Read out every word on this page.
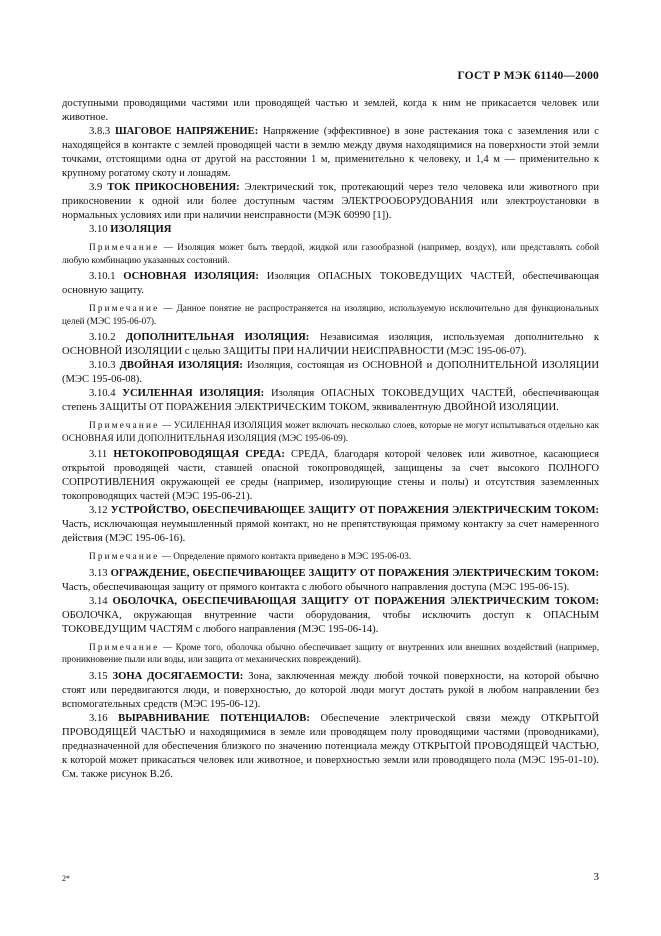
ГОСТ Р МЭК 61140—2000

доступными проводящими частями или проводящей частью и землей, когда к ним не прикасается человек или животное.

3.8.3 ШАГОВОЕ НАПРЯЖЕНИЕ: Напряжение (эффективное) в зоне растекания тока с заземления или с находящейся в контакте с землей проводящей части в землю между двумя находящимися на поверхности этой земли точками, отстоящими одна от другой на расстоянии 1 м, применительно к человеку, и 1,4 м — применительно к крупному рогатому скоту и лошадям.

3.9 ТОК ПРИКОСНОВЕНИЯ: Электрический ток, протекающий через тело человека или животного при прикосновении к одной или более доступным частям ЭЛЕКТРООБОРУДОВАНИЯ или электроустановки в нормальных условиях или при наличии неисправности (МЭК 60990 [1]).

3.10 ИЗОЛЯЦИЯ

Примечание — Изоляция может быть твердой, жидкой или газообразной (например, воздух), или представлять собой любую комбинацию указанных состояний.

3.10.1 ОСНОВНАЯ ИЗОЛЯЦИЯ: Изоляция ОПАСНЫХ ТОКОВЕДУЩИХ ЧАСТЕЙ, обеспечивающая основную защиту.

Примечание — Данное понятие не распространяется на изоляцию, используемую исключительно для функциональных целей (МЭС 195-06-07).

3.10.2 ДОПОЛНИТЕЛЬНАЯ ИЗОЛЯЦИЯ: Независимая изоляция, используемая дополнительно к ОСНОВНОЙ ИЗОЛЯЦИИ с целью ЗАЩИТЫ ПРИ НАЛИЧИИ НЕИСПРАВНОСТИ (МЭС 195-06-07).

3.10.3 ДВОЙНАЯ ИЗОЛЯЦИЯ: Изоляция, состоящая из ОСНОВНОЙ и ДОПОЛНИТЕЛЬНОЙ ИЗОЛЯЦИИ (МЭС 195-06-08).

3.10.4 УСИЛЕННАЯ ИЗОЛЯЦИЯ: Изоляция ОПАСНЫХ ТОКОВЕДУЩИХ ЧАСТЕЙ, обеспечивающая степень ЗАЩИТЫ ОТ ПОРАЖЕНИЯ ЭЛЕКТРИЧЕСКИМ ТОКОМ, эквивалентную ДВОЙНОЙ ИЗОЛЯЦИИ.

Примечание — УСИЛЕННАЯ ИЗОЛЯЦИЯ может включать несколько слоев, которые не могут испытываться отдельно как ОСНОВНАЯ ИЛИ ДОПОЛНИТЕЛЬНАЯ ИЗОЛЯЦИЯ (МЭС 195-06-09).

3.11 НЕТОКОПРОВОДЯЩАЯ СРЕДА: СРЕДА, благодаря которой человек или животное, касающиеся открытой проводящей части, ставшей опасной токопроводящей, защищены за счет высокого ПОЛНОГО СОПРОТИВЛЕНИЯ окружающей ее среды (например, изолирующие стены и полы) и отсутствия заземленных токопроводящих частей (МЭС 195-06-21).

3.12 УСТРОЙСТВО, ОБЕСПЕЧИВАЮЩЕЕ ЗАЩИТУ ОТ ПОРАЖЕНИЯ ЭЛЕКТРИЧЕСКИМ ТОКОМ: Часть, исключающая неумышленный прямой контакт, но не препятствующая прямому контакту за счет намеренного действия (МЭС 195-06-16).

Примечание — Определение прямого контакта приведено в МЭС 195-06-03.

3.13 ОГРАЖДЕНИЕ, ОБЕСПЕЧИВАЮЩЕЕ ЗАЩИТУ ОТ ПОРАЖЕНИЯ ЭЛЕКТРИЧЕСКИМ ТОКОМ: Часть, обеспечивающая защиту от прямого контакта с любого обычного направления доступа (МЭС 195-06-15).

3.14 ОБОЛОЧКА, ОБЕСПЕЧИВАЮЩАЯ ЗАЩИТУ ОТ ПОРАЖЕНИЯ ЭЛЕКТРИЧЕСКИМ ТОКОМ: ОБОЛОЧКА, окружающая внутренние части оборудования, чтобы исключить доступ к ОПАСНЫМ ТОКОВЕДУЩИМ ЧАСТЯМ с любого направления (МЭС 195-06-14).

Примечание — Кроме того, оболочка обычно обеспечивает защиту от внутренних или внешних воздействий (например, проникновение пыли или воды, или защита от механических повреждений).

3.15 ЗОНА ДОСЯГАЕМОСТИ: Зона, заключенная между любой точкой поверхности, на которой обычно стоят или передвигаются люди, и поверхностью, до которой люди могут достать рукой в любом направлении без вспомогательных средств (МЭС 195-06-12).

3.16 ВЫРАВНИВАНИЕ ПОТЕНЦИАЛОВ: Обеспечение электрической связи между ОТКРЫТОЙ ПРОВОДЯЩЕЙ ЧАСТЬЮ и находящимися в земле или проводящем полу проводящими частями (проводниками), предназначенной для обеспечения близкого по значению потенциала между ОТКРЫТОЙ ПРОВОДЯЩЕЙ ЧАСТЬЮ, к которой может прикасаться человек или животное, и поверхностью земли или проводящего пола (МЭС 195-01-10). См. также рисунок В.2б.

2*	3
